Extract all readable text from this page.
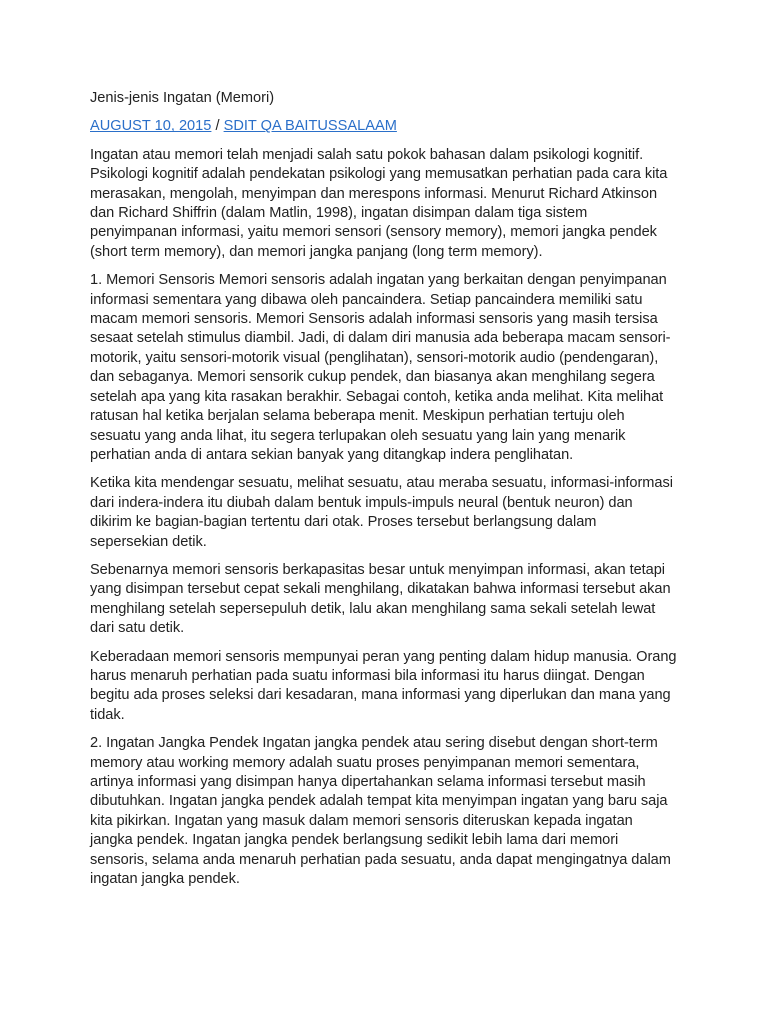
Jenis-jenis Ingatan (Memori)
AUGUST 10, 2015 / SDIT QA BAITUSSALAAM

Ingatan atau memori telah menjadi salah satu pokok bahasan dalam psikologi kognitif. Psikologi kognitif adalah pendekatan psikologi yang memusatkan perhatian pada cara kita merasakan, mengolah, menyimpan dan merespons informasi. Menurut Richard Atkinson dan Richard Shiffrin (dalam Matlin, 1998), ingatan disimpan dalam tiga sistem penyimpanan informasi, yaitu memori sensori (sensory memory), memori jangka pendek (short term memory), dan memori jangka panjang (long term memory).

1. Memori Sensoris Memori sensoris adalah ingatan yang berkaitan dengan penyimpanan informasi sementara yang dibawa oleh pancaindera. Setiap pancaindera memiliki satu macam memori sensoris. Memori Sensoris adalah informasi sensoris yang masih tersisa sesaat setelah stimulus diambil. Jadi, di dalam diri manusia ada beberapa macam sensori-motorik, yaitu sensori-motorik visual (penglihatan), sensori-motorik audio (pendengaran), dan sebaganya. Memori sensorik cukup pendek, dan biasanya akan menghilang segera setelah apa yang kita rasakan berakhir. Sebagai contoh, ketika anda melihat. Kita melihat ratusan hal ketika berjalan selama beberapa menit. Meskipun perhatian tertuju oleh sesuatu yang anda lihat, itu segera terlupakan oleh sesuatu yang lain yang menarik perhatian anda di antara sekian banyak yang ditangkap indera penglihatan.

Ketika kita mendengar sesuatu, melihat sesuatu, atau meraba sesuatu, informasi-informasi dari indera-indera itu diubah dalam bentuk impuls-impuls neural (bentuk neuron) dan dikirim ke bagian-bagian tertentu dari otak. Proses tersebut berlangsung dalam sepersekian detik.

Sebenarnya memori sensoris berkapasitas besar untuk menyimpan informasi, akan tetapi yang disimpan tersebut cepat sekali menghilang, dikatakan bahwa informasi tersebut akan menghilang setelah sepersepuluh detik, lalu akan menghilang sama sekali setelah lewat dari satu detik.

Keberadaan memori sensoris mempunyai peran yang penting dalam hidup manusia. Orang harus menaruh perhatian pada suatu informasi bila informasi itu harus diingat. Dengan begitu ada proses seleksi dari kesadaran, mana informasi yang diperlukan dan mana yang tidak.

2. Ingatan Jangka Pendek Ingatan jangka pendek atau sering disebut dengan short-term memory atau working memory adalah suatu proses penyimpanan memori sementara, artinya informasi yang disimpan hanya dipertahankan selama informasi tersebut masih dibutuhkan. Ingatan jangka pendek adalah tempat kita menyimpan ingatan yang baru saja kita pikirkan. Ingatan yang masuk dalam memori sensoris diteruskan kepada ingatan jangka pendek. Ingatan jangka pendek berlangsung sedikit lebih lama dari memori sensoris, selama anda menaruh perhatian pada sesuatu, anda dapat mengingatnya dalam ingatan jangka pendek.
